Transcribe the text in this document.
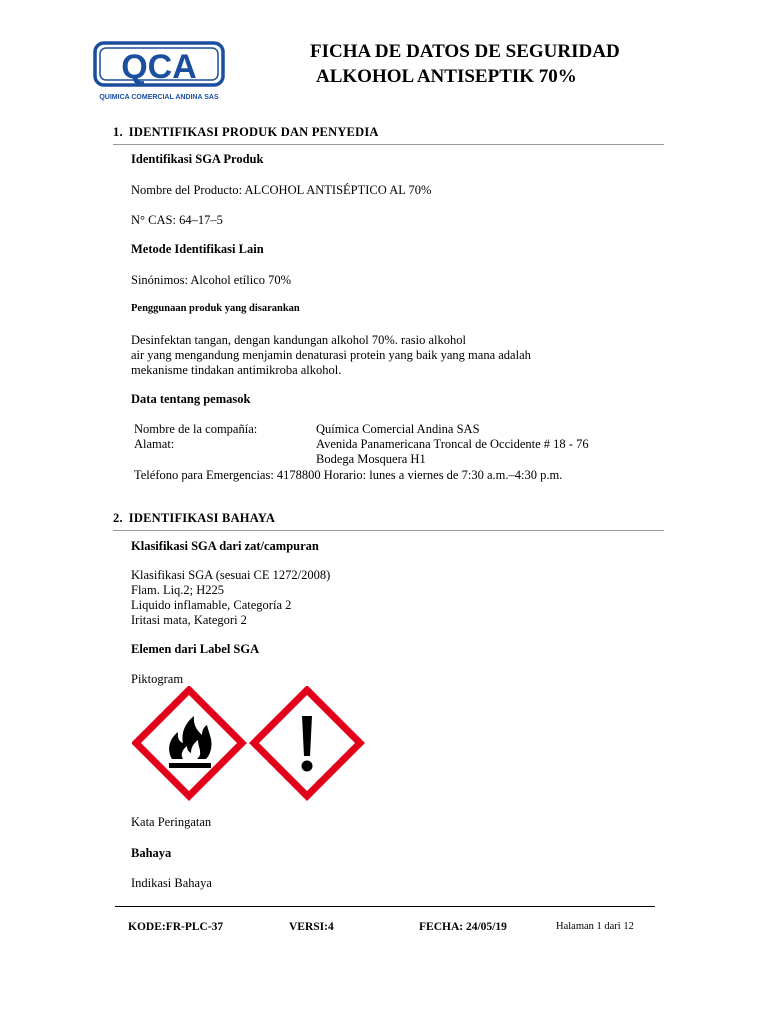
QCA
QUIMICA COMERCIAL ANDINA SAS
FICHA DE DATOS DE SEGURIDAD
ALKOHOL ANTISEPTIK 70%
1. IDENTIFIKASI PRODUK DAN PENYEDIA
Identifikasi SGA Produk
Nombre del Producto: ALCOHOL ANTISÉPTICO AL 70%
N° CAS: 64–17–5
Metode Identifikasi Lain
Sinónimos: Alcohol etílico 70%
Penggunaan produk yang disarankan
Desinfektan tangan, dengan kandungan alkohol 70%. rasio alkohol
air yang mengandung menjamin denaturasi protein yang baik yang mana adalah
mekanisme tindakan antimikroba alkohol.
Data tentang pemasok
Nombre de la compañía:	Química Comercial Andina SAS
Alamat:	Avenida Panamericana Troncal de Occidente # 18 - 76
Bodega Mosquera H1
Teléfono para Emergencias: 4178800 Horario: lunes a viernes de 7:30 a.m.–4:30 p.m.
2. IDENTIFIKASI BAHAYA
Klasifikasi SGA dari zat/campuran
Klasifikasi SGA (sesuai CE 1272/2008)
Flam. Liq.2; H225
Liquido inflamable, Categoría 2
Iritasi mata, Kategori 2
Elemen dari Label SGA
Piktogram
Kata Peringatan
Bahaya
Indikasi Bahaya
KODE:FR-PLC-37	VERSI:4	FECHA: 24/05/19	Halaman 1 dari 12
